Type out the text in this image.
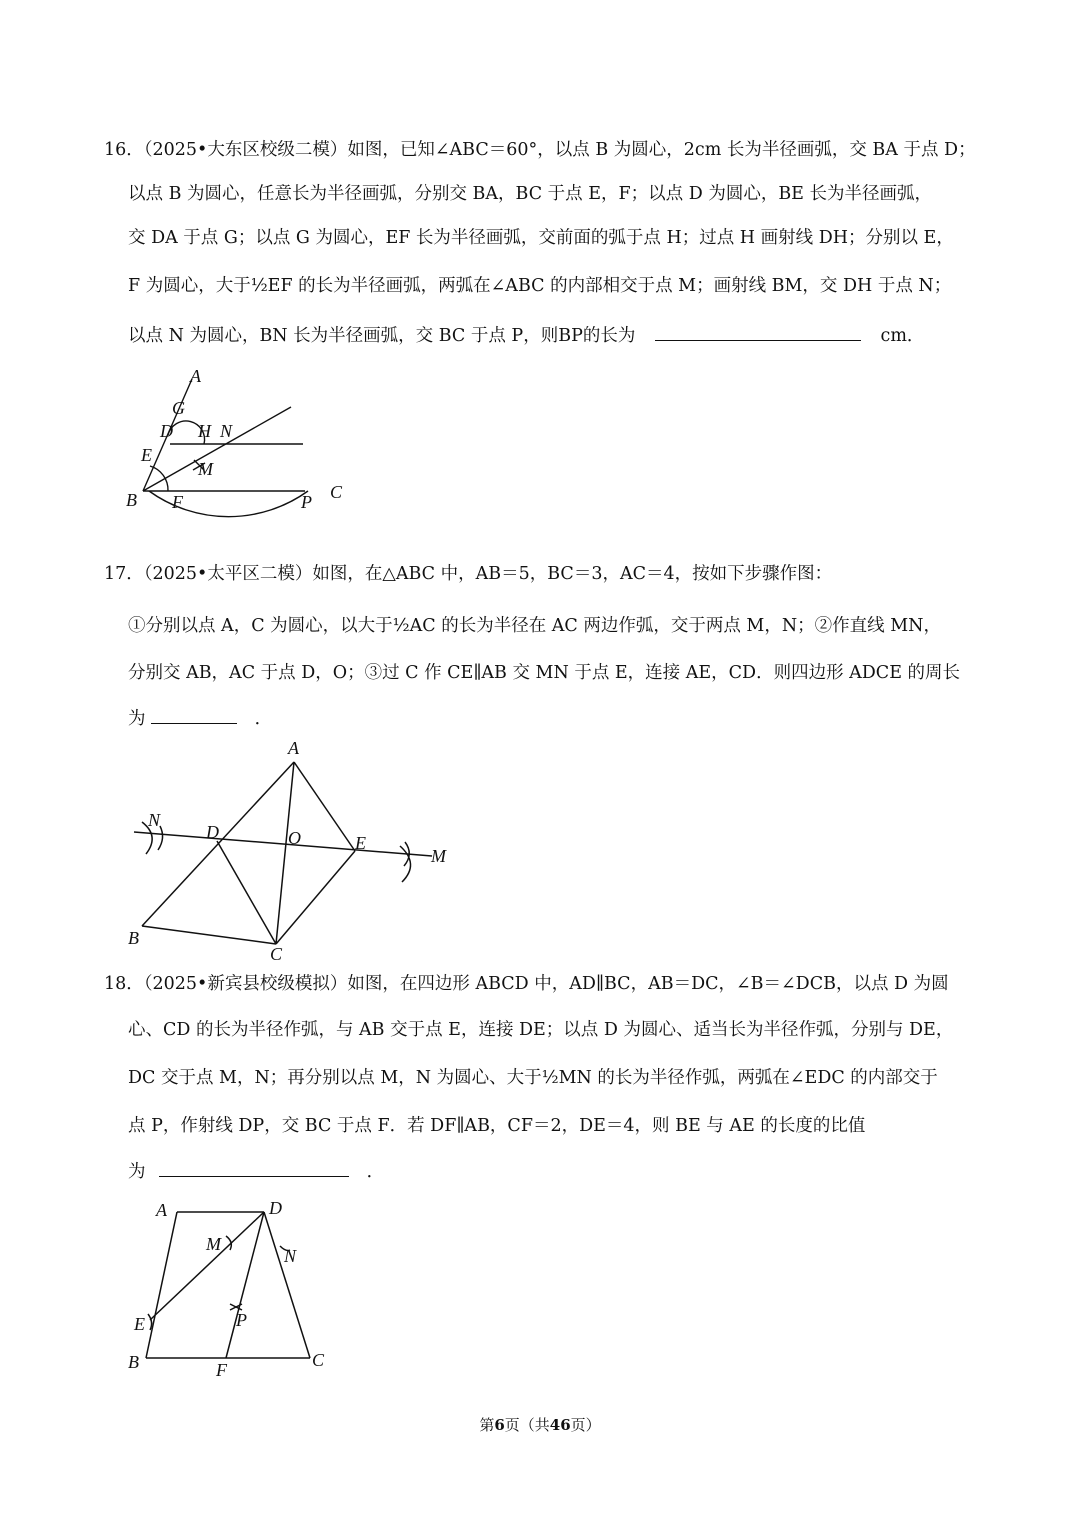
16．（2025•大东区校级二模）如图，已知∠ABC＝60°，以点 B 为圆心，2cm 长为半径画弧，交 BA 于点 D；
以点 B 为圆心，任意长为半径画弧，分别交 BA，BC 于点 E，F；以点 D 为圆心，BE 长为半径画弧，
交 DA 于点 G；以点 G 为圆心，EF 长为半径画弧，交前面的弧于点 H；过点 H 画射线 DH；分别以 E，
F 为圆心，大于½EF 的长为半径画弧，两弧在∠ABC 的内部相交于点 M；画射线 BM，交 DH 于点 N；
以点 N 为圆心，BN 长为半径画弧，交 BC 于点 P，则BP的长为	cm．
A
G
D H N
E
M
B F	P C
17．（2025•太平区二模）如图，在△ABC 中，AB＝5，BC＝3，AC＝4，按如下步骤作图：
①分别以点 A，C 为圆心，以大于½AC 的长为半径在 AC 两边作弧，交于两点 M，N；②作直线 MN，
分别交 AB，AC 于点 D，O；③过 C 作 CE∥AB 交 MN 于点 E，连接 AE，CD．则四边形 ADCE 的周长
为	．
A
N
D	O	E
M
B
C
18．（2025•新宾县校级模拟）如图，在四边形 ABCD 中，AD∥BC，AB＝DC，∠B＝∠DCB，以点 D 为圆
心、CD 的长为半径作弧，与 AB 交于点 E，连接 DE；以点 D 为圆心、适当长为半径作弧，分别与 DE，
DC 交于点 M，N；再分别以点 M，N 为圆心、大于½MN 的长为半径作弧，两弧在∠EDC 的内部交于
点 P，作射线 DP，交 BC 于点 F．若 DF∥AB，CF＝2，DE＝4，则 BE 与 AE 的长度的比值
为	．
A	D
M
N
E	P
B	F	C
第6页（共46页）
